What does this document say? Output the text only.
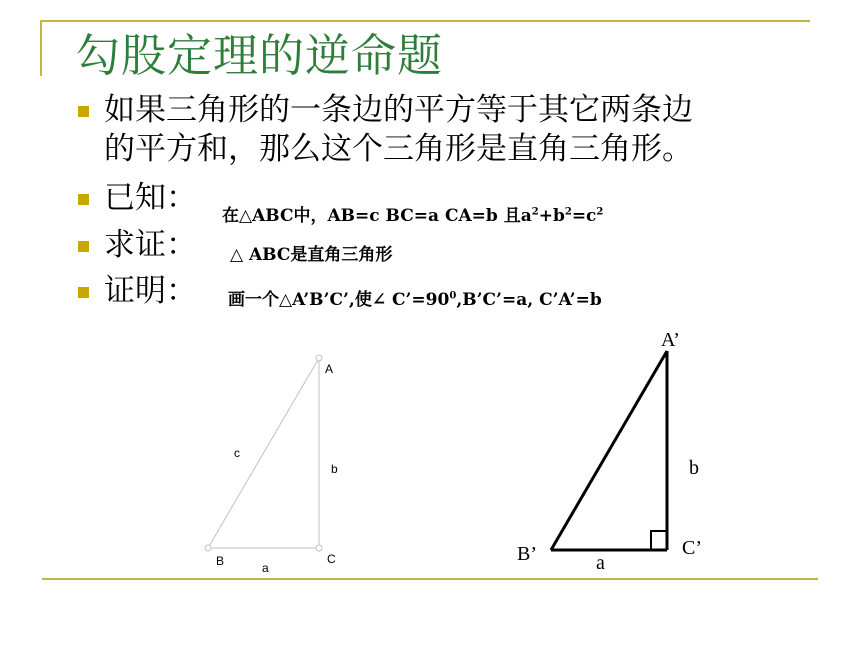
勾股定理的逆命题
如果三角形的一条边的平方等于其它两条边
的平方和，那么这个三角形是直角三角形。
已知：
求证：
证明：
在△ABC中，AB=c BC=a CA=b 且$a^2+b^2=c^2$
△ ABC是直角三角形
画一个△A’B’C’,使∠ $C’=90^0,B’C’=a$, C’A’=b
A
B	C
a
b
c
A’
B’	C’
a
b
